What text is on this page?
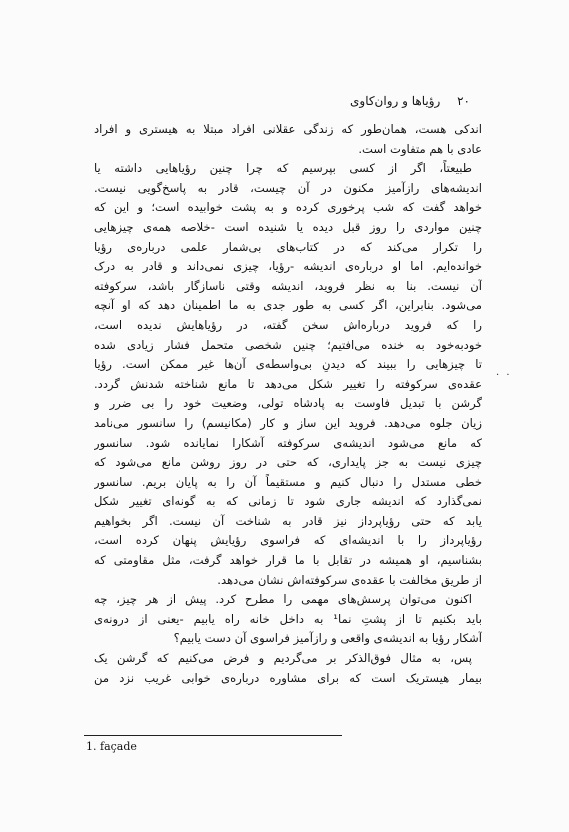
۲۰
رؤیاها و روان‌کاوی
اندکی هست، همان‌طور که زندگی عقلانی افراد مبتلا به هیستری و افراد
عادی با هم متفاوت است.
طبیعتاً، اگر از کسی بپرسیم که چرا چنین رؤیاهایی داشته یا
اندیشه‌های رازآمیز مکنون در آن چیست، قادر به پاسخ‌گویی نیست.
خواهد گفت که شب پرخوری کرده و به پشت خوابیده است؛ و این که
چنین مواردی را روز قبل دیده یا شنیده است -خلاصه همه‌ی چیزهایی
را تکرار می‌کند که در کتاب‌های بی‌شمار علمی درباره‌ی رؤیا
خوانده‌ایم. اما او درباره‌ی اندیشه -رؤیا، چیزی نمی‌داند و قادر به درک
آن نیست. بنا به نظر فروید، اندیشه وقتی ناسازگار باشد، سرکوفته
می‌شود. بنابراین، اگر کسی به طور جدی به ما اطمینان دهد که او آنچه
را که فروید درباره‌اش سخن گفته، در رؤیاهایش ندیده است،
خودبه‌خود به خنده می‌افتیم؛ چنین شخصی متحمل فشار زیادی شده
تا چیزهایی را ببیند که دیدنِ بی‌واسطه‌ی آن‌ها غیر ممکن است. رؤیا
عقده‌ی سرکوفته را تغییر شکل می‌دهد تا مانع شناخته شدنش گردد.
گرشن با تبدیل فاوست به پادشاه تولی، وضعیت خود را بی ضرر و
زیان جلوه می‌دهد. فروید این ساز و کار (مکانیسم) را سانسور می‌نامد
که مانع می‌شود اندیشه‌ی سرکوفته آشکارا نمایانده شود. سانسور
چیزی نیست به جز پایداری، که حتی در روز روشن مانع می‌شود که
خطی مستدل را دنبال کنیم و مستقیماً آن را به پایان بریم. سانسور
نمی‌گذارد که اندیشه جاری شود تا زمانی که به گونه‌ای تغییر شکل
یابد که حتی رؤیاپرداز نیز قادر به شناخت آن نیست. اگر بخواهیم
رؤیاپرداز را با اندیشه‌ای که فراسوی رؤیایش پنهان کرده است،
بشناسیم، او همیشه در تقابل با ما قرار خواهد گرفت، مثل مقاومتی که
از طریق مخالفت با عقده‌ی سرکوفته‌اش نشان می‌دهد.
اکنون می‌توان پرسش‌های مهمی را مطرح کرد. پیش از هر چیز، چه
باید بکنیم تا از پشتِ نما¹ به داخل خانه راه یابیم -یعنی از درونه‌ی
آشکار رؤیا به اندیشه‌ی واقعی و رازآمیز فراسوی آن دست یابیم؟
پس، به مثال فوق‌الذکر بر می‌گردیم و فرض می‌کنیم که گرشن یک
بیمار هیستریک است که برای مشاوره درباره‌ی خوابی غریب نزد من
· ·
1. façade
